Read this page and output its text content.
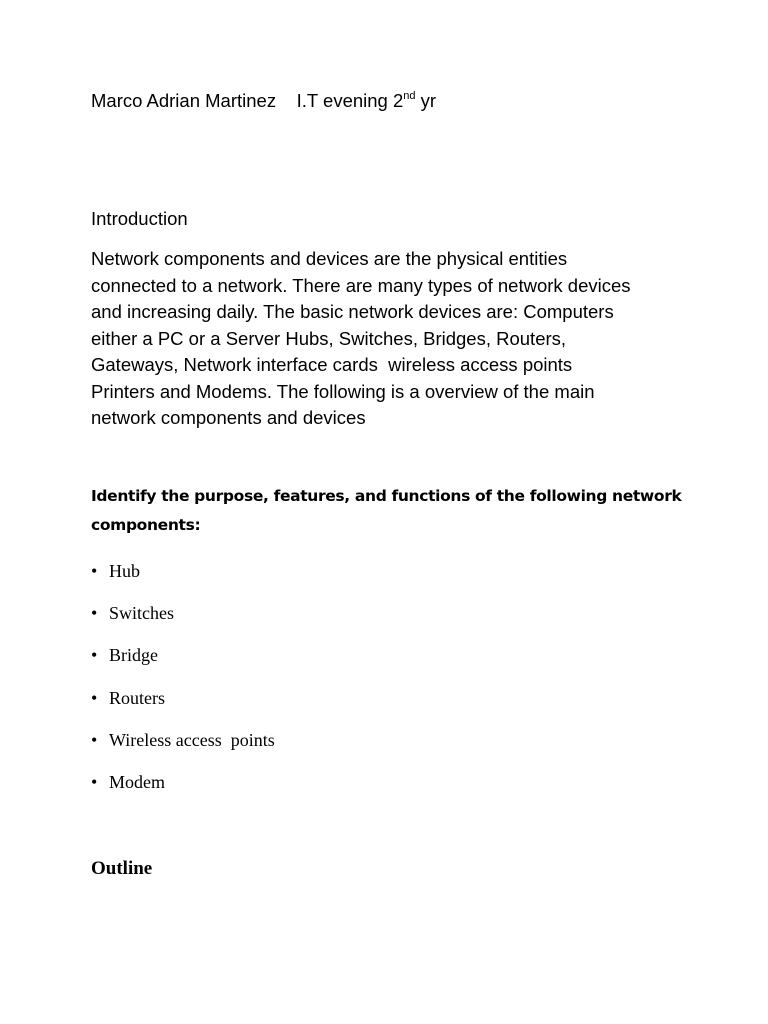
Marco Adrian Martinez I.T evening 2nd yr
Introduction
Network components and devices are the physical entities
connected to a network. There are many types of network devices
and increasing daily. The basic network devices are: Computers
either a PC or a Server Hubs, Switches, Bridges, Routers,
Gateways, Network interface cards  wireless access points
Printers and Modems. The following is a overview of the main
network components and devices
Identify the purpose, features, and functions of the following network
components:
• Hub
• Switches
• Bridge
• Routers
• Wireless access  points
• Modem
Outline
